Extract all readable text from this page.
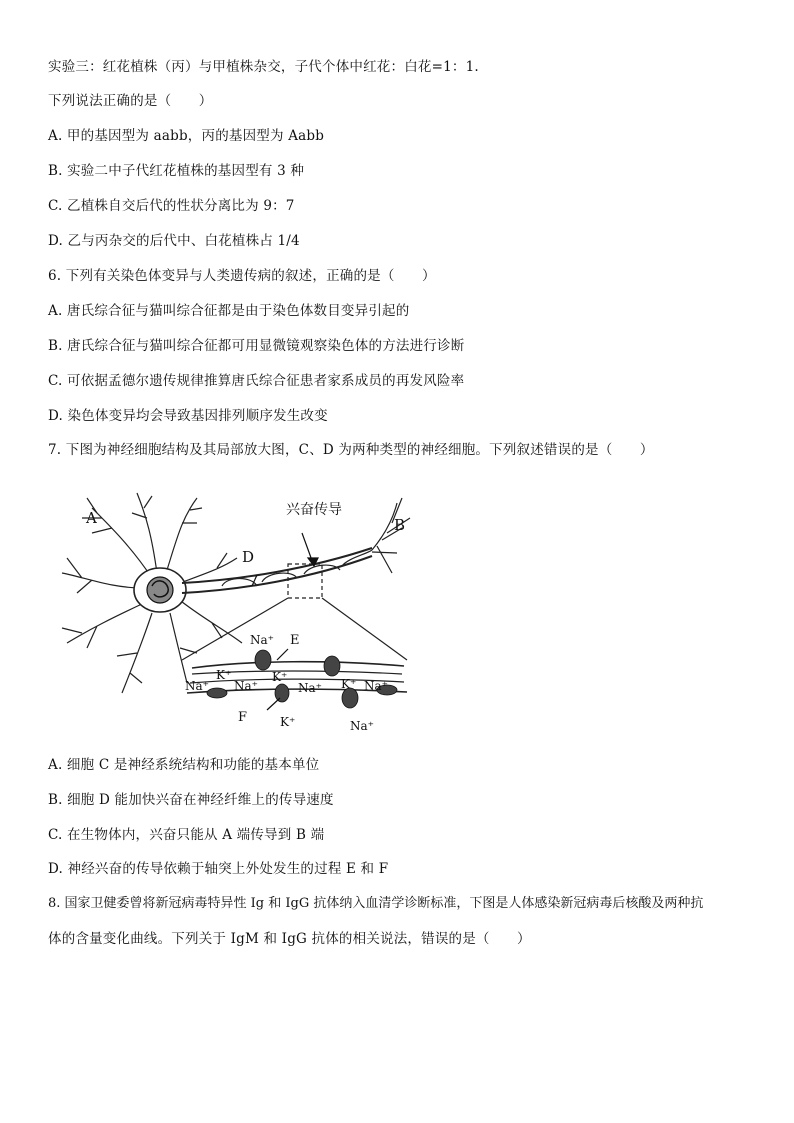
实验三：红花植株（丙）与甲植株杂交，子代个体中红花：白花=1：1.
下列说法正确的是（　　）
A. 甲的基因型为 aabb，丙的基因型为 Aabb
B. 实验二中子代红花植株的基因型有 3 种
C. 乙植株自交后代的性状分离比为 9：7
D. 乙与丙杂交的后代中、白花植株占 1/4
6. 下列有关染色体变异与人类遗传病的叙述，正确的是（　　）
A. 唐氏综合征与猫叫综合征都是由于染色体数目变异引起的
B. 唐氏综合征与猫叫综合征都可用显微镜观察染色体的方法进行诊断
C. 可依据孟德尔遗传规律推算唐氏综合征患者家系成员的再发风险率
D. 染色体变异均会导致基因排列顺序发生改变
7. 下图为神经细胞结构及其局部放大图，C、D 为两种类型的神经细胞。下列叙述错误的是（　　）
A	B
D
兴奋传导
E
F
Na⁺
Na⁺ Na⁺	Na⁺	Na⁺
Na⁺
K⁺	K⁺	K⁺
K⁺
A. 细胞 C 是神经系统结构和功能的基本单位
B. 细胞 D 能加快兴奋在神经纤维上的传导速度
C. 在生物体内，兴奋只能从 A 端传导到 B 端
D. 神经兴奋的传导依赖于轴突上外处发生的过程 E 和 F
8. 国家卫健委曾将新冠病毒特异性 Ig 和 IgG 抗体纳入血清学诊断标准，下图是人体感染新冠病毒后核酸及两种抗
体的含量变化曲线。下列关于 IgM 和 IgG 抗体的相关说法，错误的是（　　）
